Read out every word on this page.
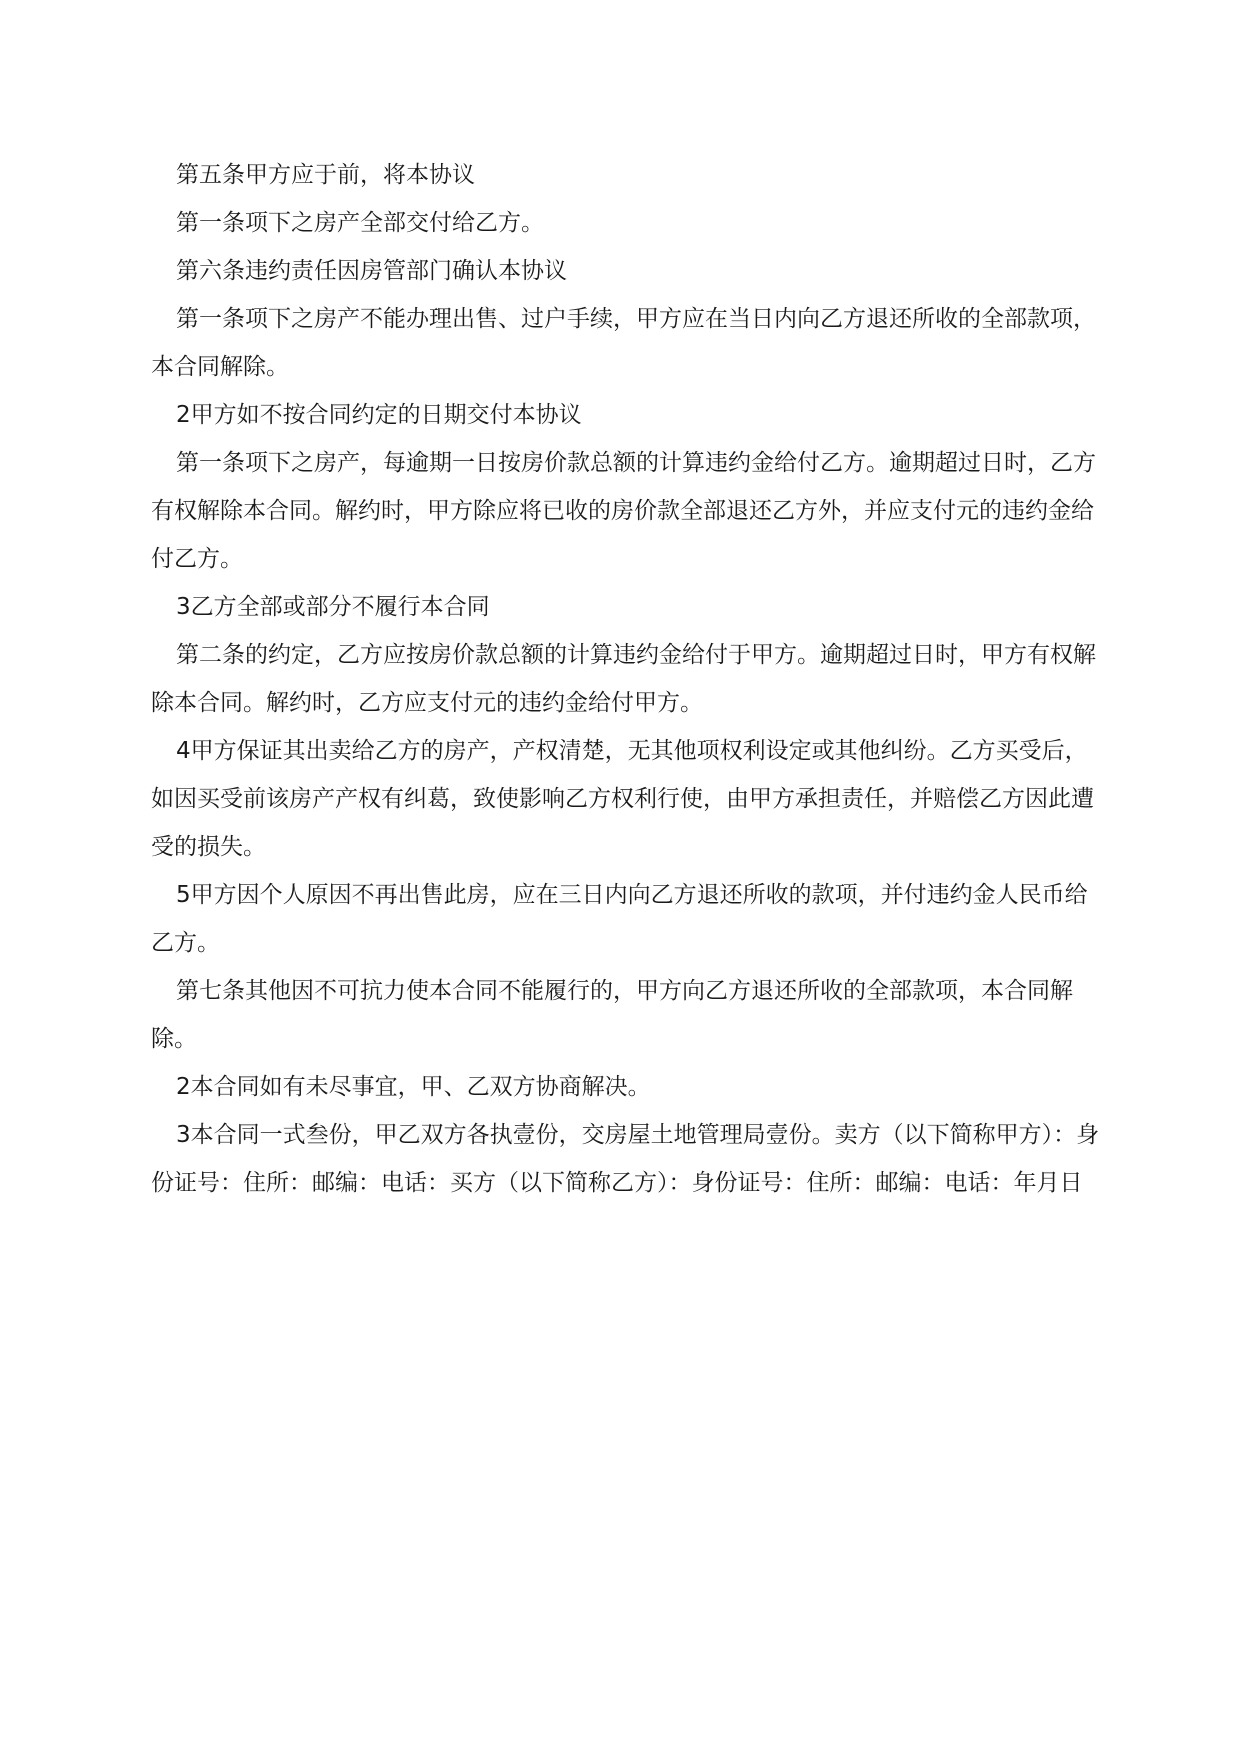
第五条甲方应于前，将本协议

第一条项下之房产全部交付给乙方。

第六条违约责任因房管部门确认本协议

第一条项下之房产不能办理出售、过户手续，甲方应在当日内向乙方退还所收的全部款项，本合同解除。

2甲方如不按合同约定的日期交付本协议

第一条项下之房产，每逾期一日按房价款总额的计算违约金给付乙方。逾期超过日时，乙方有权解除本合同。解约时，甲方除应将已收的房价款全部退还乙方外，并应支付元的违约金给付乙方。

3乙方全部或部分不履行本合同

第二条的约定，乙方应按房价款总额的计算违约金给付于甲方。逾期超过日时，甲方有权解除本合同。解约时，乙方应支付元的违约金给付甲方。

4甲方保证其出卖给乙方的房产，产权清楚，无其他项权利设定或其他纠纷。乙方买受后，如因买受前该房产产权有纠葛，致使影响乙方权利行使，由甲方承担责任，并赔偿乙方因此遭受的损失。

5甲方因个人原因不再出售此房，应在三日内向乙方退还所收的款项，并付违约金人民币给乙方。

第七条其他因不可抗力使本合同不能履行的，甲方向乙方退还所收的全部款项，本合同解除。

2本合同如有未尽事宜，甲、乙双方协商解决。

3本合同一式叁份，甲乙双方各执壹份，交房屋土地管理局壹份。卖方（以下简称甲方）：身份证号：住所：邮编：电话：买方（以下简称乙方）：身份证号：住所：邮编：电话：年月日
